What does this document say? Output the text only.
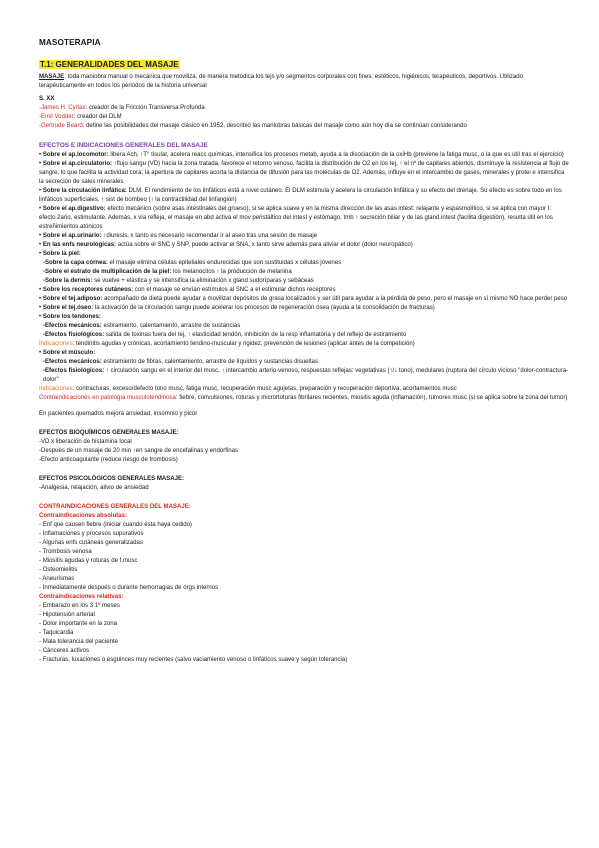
MASOTERAPIA

T.1: GENERALIDADES DEL MASAJE

MASAJE: toda maniobra manual o mecánica que moviliza, de manera metódica los tejs y/o segmentos corporales con fines: estéticos, higiénicos, terapéuticos, deportivos. Utilizado terapéuticamente en todos los periodos de la historia universal

S. XX

-James H. Cyriax: creador de la Fricción Transversa Profunda

-Emil Vodder: creador del DLM

-Gertrude Beard: define las posibilidades del masaje clásico en 1952, describió las maniobras básicas del masaje como aún hoy día se continúan considerando

EFECTOS E INDICACIONES GENERALES DEL MASAJE

• Sobre el ap.locomotor: libera Ach, ↑T° tisular, acelera reacc químicas, intensifica los procesos metab, ayuda a la disociación de la oxiHb (previene la fatiga musc, o la que es útil tras el ejercicio)

• Sobre el ap.circulatorio: ↑flujo sangu (VD) hacia la zona tratada, favorece el retorno venoso, facilita la distribución de O2 en los tej, ↑ el nº de capilares abiertos, disminuye la resistencia al flujo de sangre, lo que facilita la actividad cora; la apertura de capilares acorta la distancia de difusión para las moléculas de O2. Además, influye en el intercambio de gases, minerales y protei e intensifica la secreción de sales minerales

• Sobre la circulación linfática: DLM. El rendimiento de los linfáticos está a nivel cutáneo. El DLM estimula y acelera la circulación linfática y su efecto del drenaje. Su efecto es sobre todo en los linfáticos superficiales. ↑ sist de bombeo (↑ la contractilidad del linfangión)

• Sobre el ap.digestivo: efecto mecánico (sobre asas intestinales del grueso), si se aplica suave y en la misma dirección de las asas intest: relajante y espasmolítico, si se aplica con mayor I: efecto 2ario, estimulante. Además, x vía refleja, el masaje en abd activa el mov peristáltico del intest y estómago, tmb ↑ secreción biliar y de las gland.intest (facilita digestión), resulta útil en los estreñimientos atónicos

• Sobre el ap.urinario: ↑diuresis, x tanto es necesario recomendar ir al aseo tras una sesión de masaje

• En las enfs neurológicas: actúa sobre el SNC y SNP, puede activar el SNA, x tanto sirve además para aliviar el dolor (dolor neuropático)

• Sobre la piel:

-Sobre la capa córnea: el masaje elimina células epiteliales endurecidas que son sustituidas x células jóvenes

-Sobre el estrato de multiplicación de la piel: los melanocitos ↑ la producción de melanina

-Sobre la dermis: se vuelve + elástica y se intensifica la eliminación x gland sudoríparas y sebáceas

• Sobre los receptores cutáneos: con el masaje se envían estímulos al SNC a el estimular dichos receptores

• Sobre el tej.adiposo: acompañado de dieta puede ayudar a movilizar depósitos de grasa localizados y ser útil para ayudar a la pérdida de peso, pero el masaje en sí mismo NO hace perder peso

• Sobre el tej.óseo: la activación de la circulación sangu puede acelerar los procesos de regeneración ósea (ayuda a la consolidación de fracturas)

• Sobre los tendones:

-Efectos mecánicos: estiramiento, calentamiento, arrastre de sustancias

-Efectos fisiológicos: salida de toxinas fuera del tej, ↑ elasticidad tendón, inhibición de la resp inflamatoria y del reflejo de estiramiento

Indicaciones: tendinitis agudas y crónicas, acortamiento tendino-muscular y rigidez, prevención de lesiones (aplicar antes de la competición)

• Sobre el músculo:

-Efectos mecánicos: estiramiento de fibras, calentamiento, arrastre de líquidos y sustancias disueltas

-Efectos fisiológicos: ↑ circulación sangu en el interior del musc, ↑ intercambio arterio-venoso, respuestas reflejas: vegetativas (↑/↓ tono), medulares (ruptura del círculo vicioso "dolor-contractura-dolor"

Indicaciones: contracturas, exceso/defecto tono musc, fatiga musc, recuperación musc agujetas, preparación y recuperación deportiva, acortamientos musc

Contraindicaciones en patología musculotendinosa: fiebre, convulsiones, roturas y micrortoturas fibrilares recientes, miositis aguda (inflamación), tumores musc (si se aplica sobre la zona del tumor)

En pacientes quemados mejora ansiedad, insomnio y picor

EFECTOS BIOQUÍMICOS GENERALES MASAJE:

-VD x liberación de histamina local

-Después de un masaje de 20 min ↑en sangre de encefalinas y endorfinas

-Efecto anticoagulante (reduce riesgo de trombosis)

EFECTOS PSICOLÓGICOS GENERALES MASAJE:

-Analgesia, relajación, alivio de ansiedad

CONTRAINDICACIONES GENERALES DEL MASAJE:

Contraindicaciones absolutas:

- Enf que causen fiebre (iniciar cuando ésta haya cedido)

- Inflamaciones y procesos supurativos

- Algunas enfs cutáneas generalizadas

- Trombosis venosa

- Miositis agudas y roturas de f.musc

- Osteomielitis

- Aneurismas

- Inmediatamente después o durante hemorragias de órgs internos

Contraindicaciones relativas:

- Embarazo en los 3 1º meses

- Hipotensión arterial

- Dolor importante en la zona

- Taquicardia

- Mala tolerancia del paciente

- Cánceres activos

- Fracturas, luxaciones o esguinces muy recientes (salvo vaciamiento venoso o linfáticos suave y según tolerancia)
